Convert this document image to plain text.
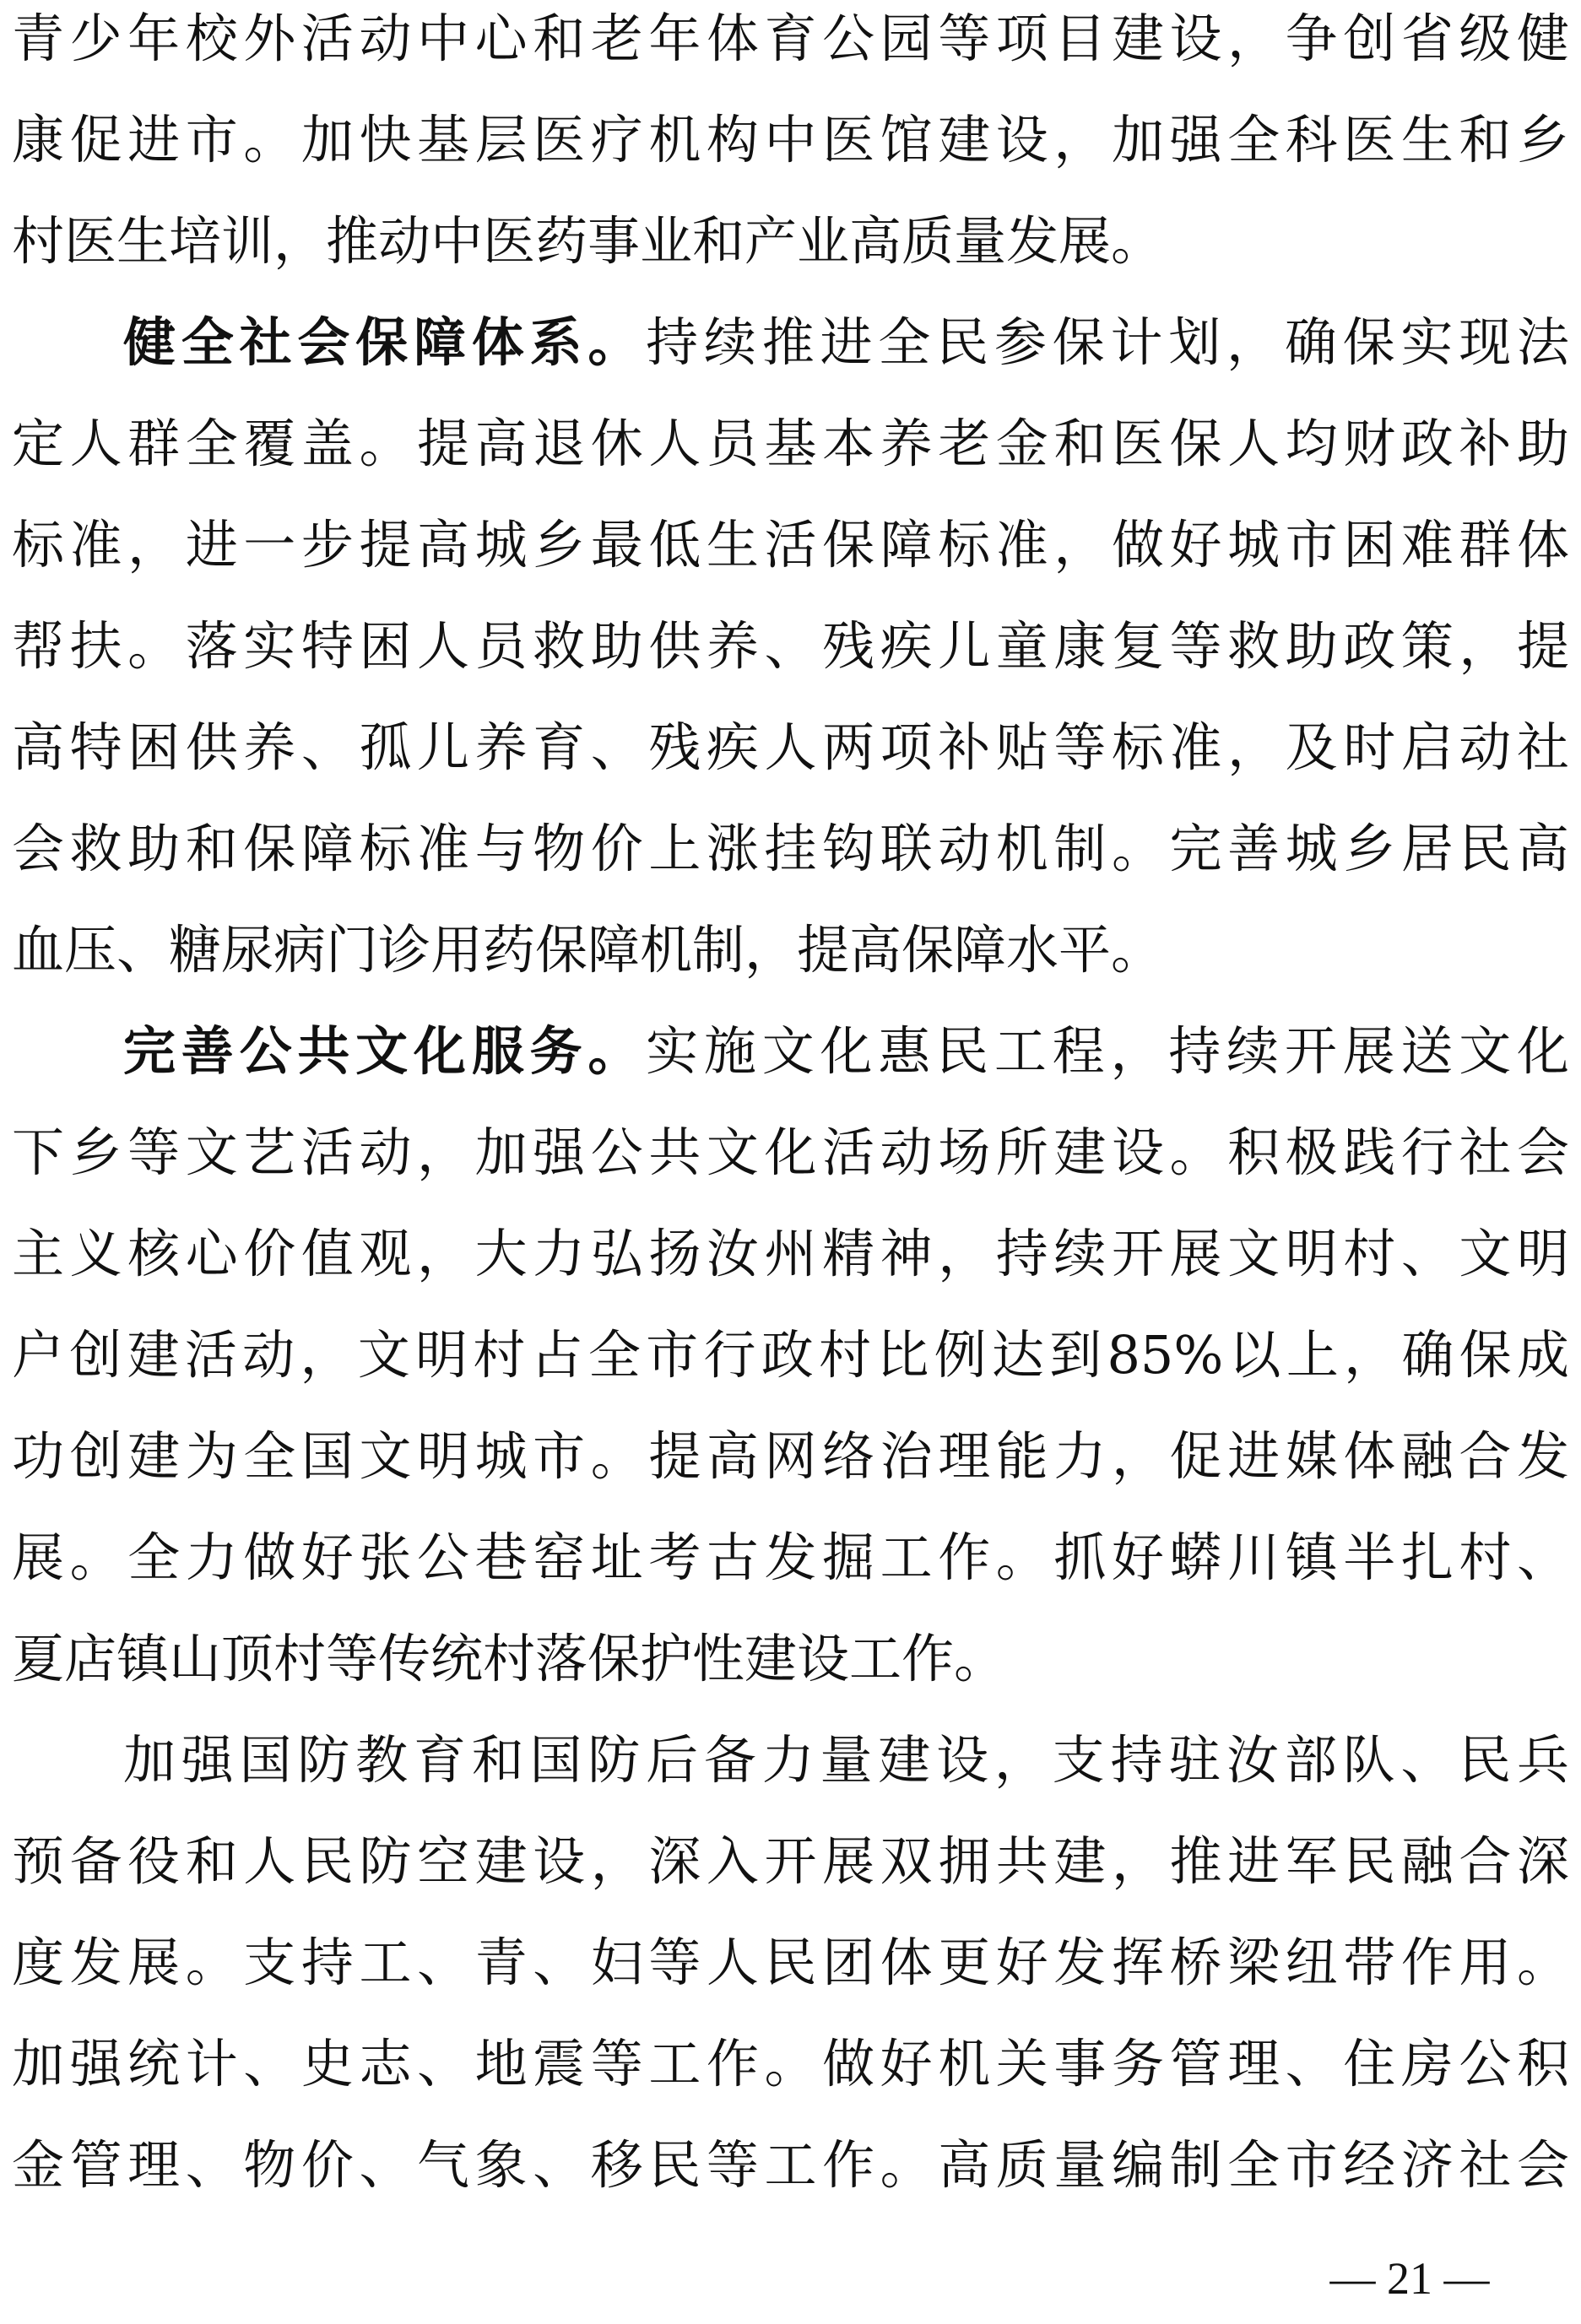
青少年校外活动中心和老年体育公园等项目建设，争创省级健
康促进市。加快基层医疗机构中医馆建设，加强全科医生和乡
村医生培训，推动中医药事业和产业高质量发展。
健全社会保障体系。持续推进全民参保计划，确保实现法
定人群全覆盖。提高退休人员基本养老金和医保人均财政补助
标准，进一步提高城乡最低生活保障标准，做好城市困难群体
帮扶。落实特困人员救助供养、残疾儿童康复等救助政策，提
高特困供养、孤儿养育、残疾人两项补贴等标准，及时启动社
会救助和保障标准与物价上涨挂钩联动机制。完善城乡居民高
血压、糖尿病门诊用药保障机制，提高保障水平。
完善公共文化服务。实施文化惠民工程，持续开展送文化
下乡等文艺活动，加强公共文化活动场所建设。积极践行社会
主义核心价值观，大力弘扬汝州精神，持续开展文明村、文明
户创建活动，文明村占全市行政村比例达到85%以上，确保成
功创建为全国文明城市。提高网络治理能力，促进媒体融合发
展。全力做好张公巷窑址考古发掘工作。抓好蟒川镇半扎村、
夏店镇山顶村等传统村落保护性建设工作。
加强国防教育和国防后备力量建设，支持驻汝部队、民兵
预备役和人民防空建设，深入开展双拥共建，推进军民融合深
度发展。支持工、青、妇等人民团体更好发挥桥梁纽带作用。
加强统计、史志、地震等工作。做好机关事务管理、住房公积
金管理、物价、气象、移民等工作。高质量编制全市经济社会
— 21 —
